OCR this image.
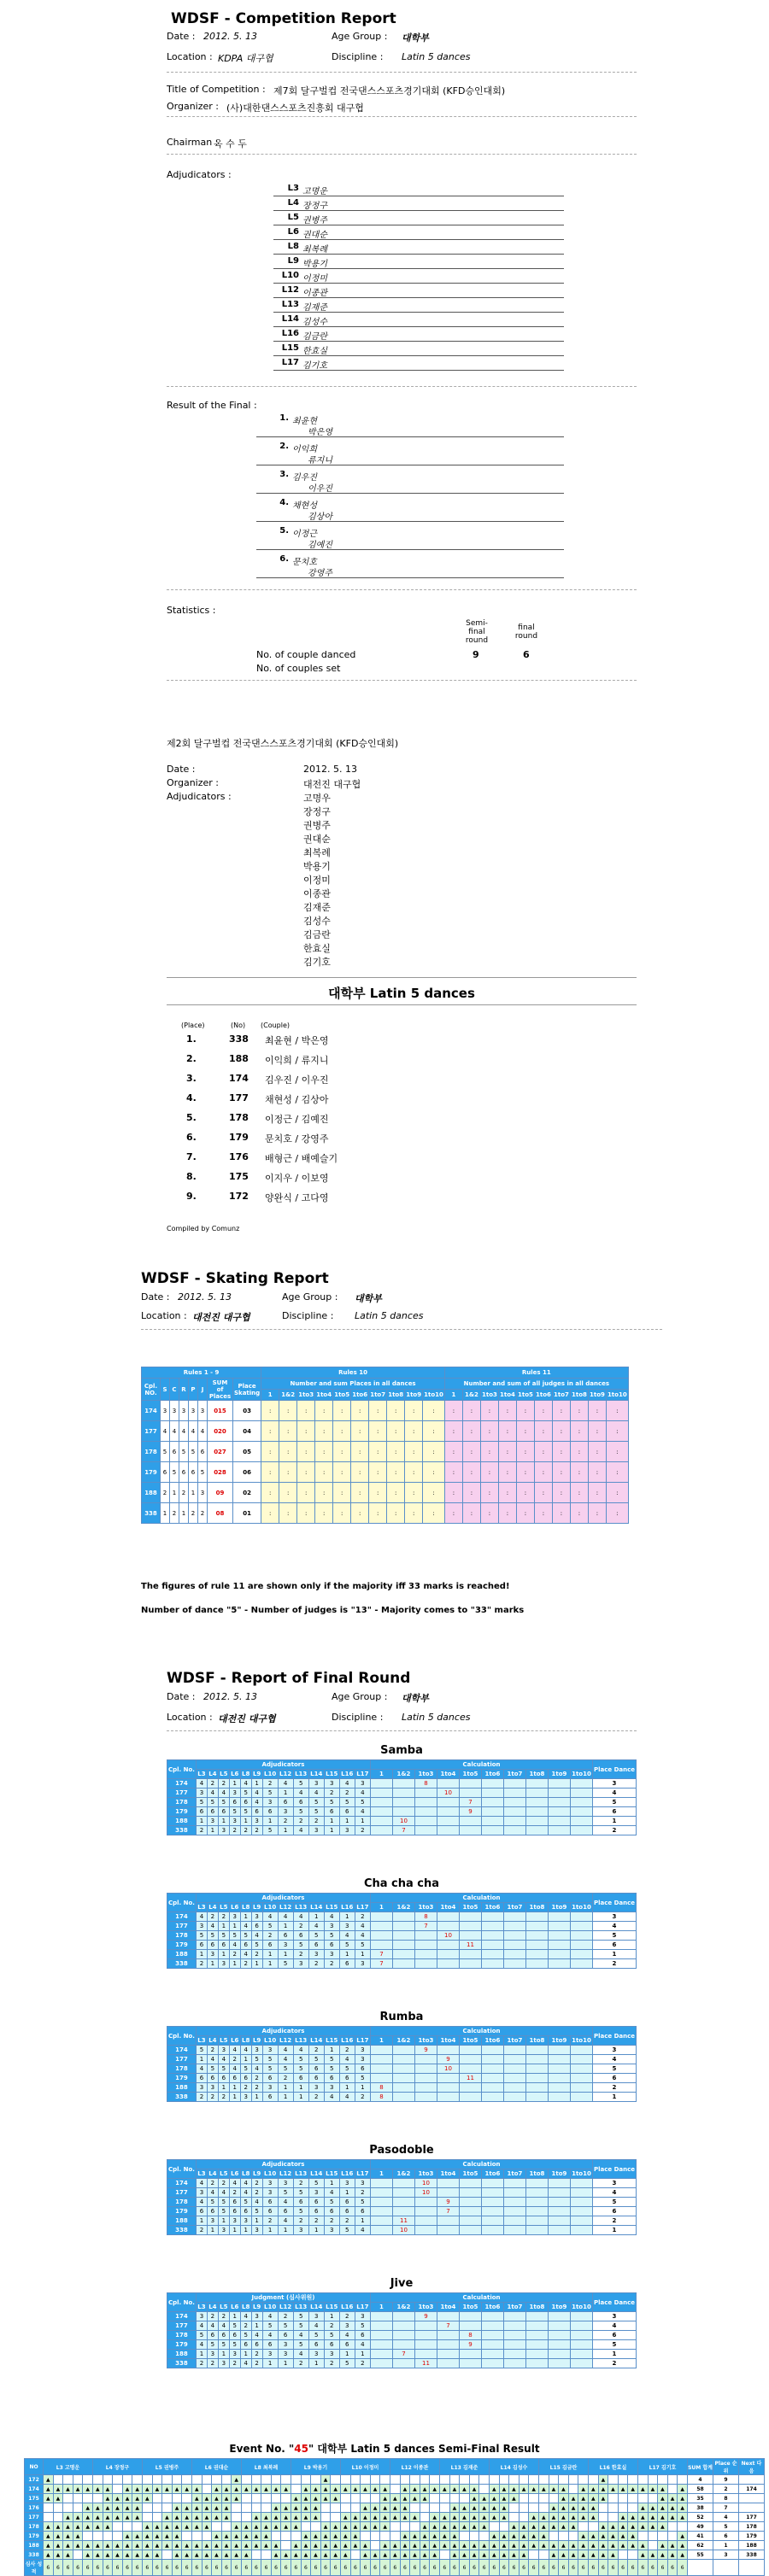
WDSF - Competition Report
Date : 2012. 5. 13	Age Group : 대학부
Location : KDPA 대구협	Discipline : Latin 5 dances
Title of Competition : 제7회 달구벌컵 전국댄스스포츠경기대회 (KFD승인대회)
Organizer : (사)대한댄스스포츠진흥회 대구협
Chairman :
옥 수 두
Adjudicators :
L3 고명운
L4 장정구
L5 권병주
L6 권대순
L8 최복례
L9 박용기
L10 이정미
L12 이종관
L13 김재준
L14 김성수
L16 김금란
L15 한효실
L17 김기호
Result of the Final :
1. 최윤현
박은영
2. 이익희
류지니
3. 김우진
이우진
4. 채현성
김상아
5. 이정근
김예진
6. 문치호
강영주
Statistics :
Semi-final round
final round
No. of couple danced	9	6
No. of couples set
제2회 달구벌컵 전국댄스스포츠경기대회 (KFD승인대회)
Date :	2012. 5. 13
Organizer :	대전진 대구협
Adjudicators :	고명우
장정구
권병주
권대순
최복례
박용기
이정미
이종관
김재준
김성수
김금란
한효실
김기호
대학부 Latin 5 dances
(Place)	(No) (Couple)
1.	338 최윤현 / 박은영
2.	188 이익희 / 류지니
3.	174 김우진 / 이우진
4.	177 채현성 / 김상아
5.	178 이정근 / 김예진
6.	179 문치호 / 강영주
7.	176 배형근 / 배예슬기
8.	175 이지우 / 이보영
9.	172 양완식 / 고다영
Compiled by Comunz
WDSF - Skating Report
Date : 2012. 5. 13	Age Group : 대학부
Location : 대전진 대구협	Discipline : Latin 5 dances
Rules 1 - 9								Rules 10										Rules 11									
Cpl. NO.	S	C	R	P	J	SUM of Places	Place Skating	Number and sum Places in all dances										Number and sum of all judges in all dances									
								1	1&2	1to3	1to4	1to5	1to6	1to7	1to8	1to9	1to10	1	1&2	1to3	1to4	1to5	1to6	1to7	1to8	1to9	1to10
174	3	3	3	3	3	015	03	:	:	:	:	:	:	:	:	:	:	:	:	:	:	:	:	:	:	:	:
177	4	4	4	4	4	020	04	:	:	:	:	:	:	:	:	:	:	:	:	:	:	:	:	:	:	:	:
178	5	6	5	5	6	027	05	:	:	:	:	:	:	:	:	:	:	:	:	:	:	:	:	:	:	:	:
179	6	5	6	6	5	028	06	:	:	:	:	:	:	:	:	:	:	:	:	:	:	:	:	:	:	:	:
188	2	1	2	1	3	09	02	:	:	:	:	:	:	:	:	:	:	:	:	:	:	:	:	:	:	:	:
338	1	2	1	2	2	08	01	:	:	:	:	:	:	:	:	:	:	:	:	:	:	:	:	:	:	:	:
The figures of rule 11 are shown only if the majority iff 33 marks is reached!
Number of dance "5" - Number of judges is "13" - Majority comes to "33" marks
WDSF - Report of Final Round
Date : 2012. 5. 13	Age Group : 대학부
Location : 대전진 대구협	Discipline : Latin 5 dances
Samba
Cpl. No.	Adjudicators													Calculation										Place Dance
	L3	L4	L5	L6	L8	L9	L10	L12	L13	L14	L15	L16	L17	1	1&2	1to3	1to4	1to5	1to6	1to7	1to8	1to9	1to10	
174	4	2	2	1	4	1	2	4	5	3	3	4	3			8								3
177	3	4	4	3	5	4	5	1	4	4	2	2	4				10							4
178	5	5	5	6	6	4	3	6	6	5	5	5	5					7						5
179	6	6	6	5	5	6	6	3	5	5	6	6	4					9						6
188	1	3	1	3	1	3	1	2	2	2	1	1	1		10									1
338	2	1	3	2	2	2	5	1	4	3	1	3	2		7									2
Cha cha cha
Cpl. No.	Adjudicators													Calculation										Place Dance
	L3	L4	L5	L6	L8	L9	L10	L12	L13	L14	L15	L16	L17	1	1&2	1to3	1to4	1to5	1to6	1to7	1to8	1to9	1to10	
174	4	2	2	3	1	3	4	4	4	1	4	1	2			8								3
177	3	4	1	1	4	6	5	1	2	4	3	3	4			7								4
178	5	5	5	5	5	4	2	6	6	5	5	4	4				10							5
179	6	6	6	4	6	5	6	3	5	6	6	5	5					11						6
188	1	3	1	2	4	2	1	1	2	3	3	1	1	7										1
338	2	1	3	1	2	1	1	5	3	2	2	6	3	7										2
Rumba
Cpl. No.	Adjudicators													Calculation										Place Dance
	L3	L4	L5	L6	L8	L9	L10	L12	L13	L14	L15	L16	L17	1	1&2	1to3	1to4	1to5	1to6	1to7	1to8	1to9	1to10	
174	5	2	3	4	4	3	3	4	4	2	1	2	3			9								3
177	1	4	4	2	1	5	5	4	5	5	5	4	3				9							4
178	4	5	5	4	5	4	5	5	5	6	5	5	6				10							5
179	6	6	6	6	6	2	6	2	6	6	6	6	5					11						6
188	3	3	1	1	2	2	3	1	1	3	3	1	1	8										2
338	2	2	2	1	3	1	6	1	1	2	4	4	2	8										1
Pasodoble
Cpl. No.	Adjudicators													Calculation										Place Dance
	L3	L4	L5	L6	L8	L9	L10	L12	L13	L14	L15	L16	L17	1	1&2	1to3	1to4	1to5	1to6	1to7	1to8	1to9	1to10	
174	4	2	2	4	4	2	3	3	2	5	1	3	3			10								3
177	3	4	4	2	4	2	3	5	5	3	4	1	2			10								4
178	4	5	5	6	5	4	6	4	6	6	5	6	5				9							5
179	6	6	5	6	6	5	6	6	5	6	6	6	6				7							6
188	1	3	1	3	3	1	2	4	2	2	2	2	1		11									2
338	2	1	3	1	1	3	1	1	3	1	3	5	4		10									1
Jive
Cpl. No.	Judgment (심사위원)													Calculation										Place Dance
	L3	L4	L5	L6	L8	L9	L10	L12	L13	L14	L15	L16	L17	1	1&2	1to3	1to4	1to5	1to6	1to7	1to8	1to9	1to10	
174	3	2	2	1	4	3	4	2	5	3	1	2	3			9								3
177	4	4	4	5	2	1	5	5	5	4	2	3	5				7							4
178	5	6	6	6	5	4	4	6	4	5	5	4	6					8						6
179	4	5	5	5	6	6	6	3	5	6	6	6	4					9						5
188	1	3	1	3	1	2	3	3	4	3	3	1	1		7									1
338	2	2	3	2	4	2	1	1	2	1	2	5	2			11								2
Event No. "45" 대학부 Latin 5 dances Semi-Final Result
NO	L3 고명운	L4 장정구	L5 권병주	L6 권대순	L8 최복례	L9 박용기	L10 이정미	L12 이종관	L13 김재준	L14 김성수	L15 김금란	L16 한효실	L17 김기호	SUM 합계	Place 순위	Next 다음
172	▲																			▲									▲																												▲									4	9	
174	▲	▲	▲	▲	▲	▲	▲		▲	▲	▲	▲	▲	▲	▲	▲		▲	▲	▲	▲	▲	▲	▲	▲		▲	▲	▲	▲	▲	▲	▲	▲	▲		▲	▲	▲	▲	▲	▲	▲	▲		▲	▲	▲	▲	▲	▲	▲	▲		▲	▲	▲	▲	▲	▲	▲	▲	▲		▲	58	2	174
175	▲	▲					▲	▲	▲	▲	▲					▲	▲	▲	▲	▲						▲	▲	▲	▲	▲					▲	▲	▲	▲	▲					▲	▲	▲	▲	▲					▲	▲	▲	▲	▲						▲	▲	▲	35	8	
176					▲	▲	▲	▲	▲	▲				▲	▲	▲	▲	▲	▲					▲	▲	▲	▲	▲					▲	▲	▲	▲	▲					▲	▲	▲	▲	▲	▲					▲	▲	▲	▲	▲					▲	▲	▲	▲	▲	38	7	
177			▲	▲	▲	▲	▲	▲	▲	▲			▲	▲	▲	▲	▲	▲	▲			▲	▲	▲	▲	▲	▲	▲			▲	▲	▲	▲	▲	▲	▲	▲		▲	▲	▲	▲	▲	▲	▲	▲			▲	▲	▲	▲	▲	▲	▲			▲	▲	▲	▲	▲	▲	▲	52	4	177
178	▲	▲	▲	▲	▲	▲	▲				▲	▲	▲	▲	▲	▲	▲			▲	▲	▲	▲	▲	▲	▲			▲	▲	▲	▲	▲	▲	▲				▲	▲	▲	▲	▲	▲	▲			▲	▲	▲	▲	▲	▲	▲			▲	▲	▲	▲	▲	▲	▲			49	5	178
179	▲	▲	▲	▲					▲	▲	▲	▲	▲	▲				▲	▲	▲	▲	▲	▲				▲	▲	▲	▲	▲	▲					▲	▲	▲	▲	▲	▲				▲	▲	▲	▲	▲	▲				▲	▲	▲	▲	▲	▲					▲	41	6	179
188	▲	▲	▲	▲	▲	▲	▲	▲	▲	▲	▲	▲	▲	▲	▲	▲	▲	▲	▲	▲	▲	▲	▲	▲		▲	▲	▲	▲	▲	▲	▲	▲		▲	▲	▲	▲	▲	▲	▲	▲	▲	▲	▲	▲	▲	▲	▲	▲	▲	▲	▲	▲	▲	▲	▲	▲	▲	▲	▲		▲	▲	▲	62	1	188
338	▲	▲	▲		▲	▲	▲	▲	▲	▲	▲	▲		▲	▲	▲	▲	▲	▲	▲	▲			▲	▲	▲	▲	▲	▲	▲	▲		▲	▲	▲	▲	▲	▲	▲	▲		▲	▲	▲	▲	▲	▲	▲	▲			▲	▲	▲	▲	▲	▲	▲			▲	▲	▲	▲	▲	55	3	338
심사 성적	6	6	6	6	6	6	6	6	6	6	6	6	6	6	6	6	6	6	6	6	6	6	6	6	6	6	6	6	6	6	6	6	6	6	6	6	6	6	6	6	6	6	6	6	6	6	6	6	6	6	6	6	6	6	6	6	6	6	6	6	6	6	6	6	6			
